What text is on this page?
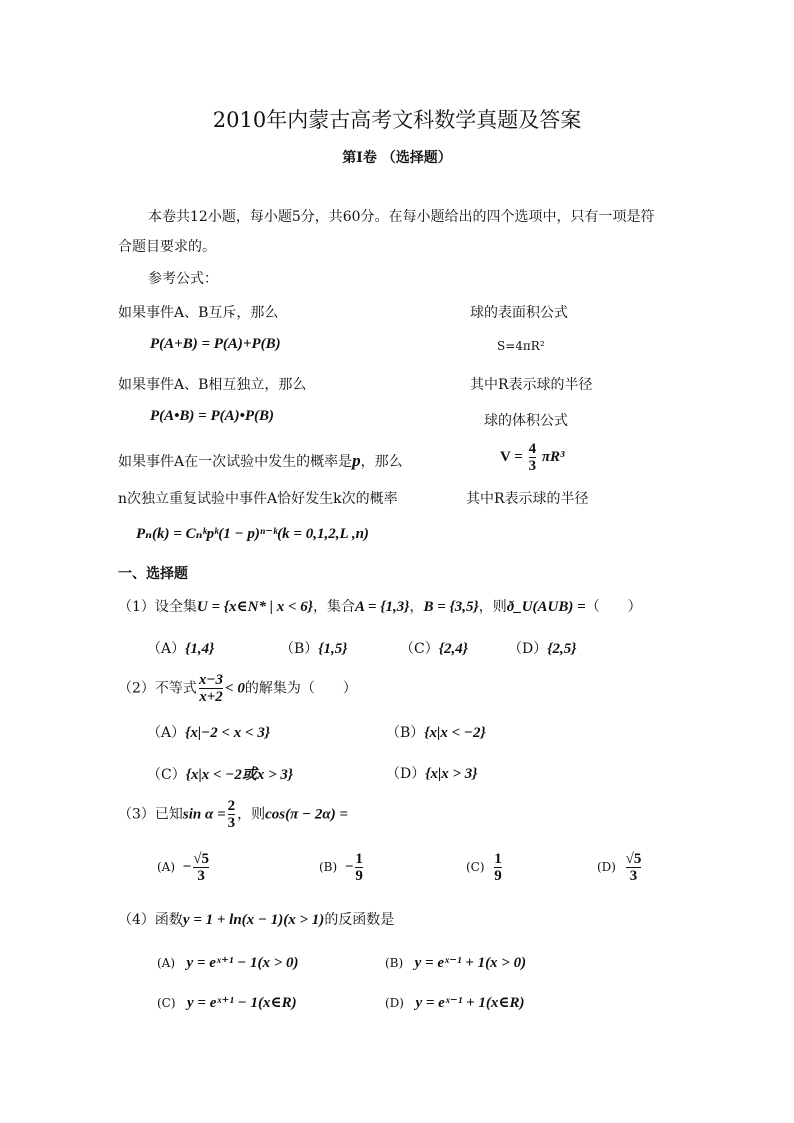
2010年内蒙古高考文科数学真题及答案
第Ⅰ卷 （选择题）
本卷共12小题，每小题5分，共60分。在每小题给出的四个选项中，只有一项是符
合题目要求的。
参考公式：
如果事件A、B互斥，那么
P(A+B) = P(A)+P(B)
如果事件A、B相互独立，那么
P(A•B) = P(A)•P(B)
如果事件A在一次试验中发生的概率是p，那么
n次独立重复试验中事件A恰好发生k次的概率
Pₙ(k) = Cₙᵏpᵏ(1 − p)ⁿ⁻ᵏ(k = 0,1,2,L ,n)
球的表面积公式
S=4πR²
其中R表示球的半径
球的体积公式
$V = \frac{4}{3} \pi R^3$
其中R表示球的半径
一、选择题
（1）设全集U = {x∈N* | x < 6}，集合A = {1,3}，B = {3,5}，则ð_U(AUB) =（　　）
（A）{1,4}	（B）{1,5}	（C）{2,4}	（D）{2,5}
（2）不等式 $\frac{x-3}{x+2} < 0$的解集为（　　）
（A）{x|−2 < x < 3}	（B）{x|x < −2}
（C）{x|x < −2或x > 3}	（D）{x|x > 3}
（3）已知$\sin \alpha = \frac{2}{3}$ ，则cos(π − 2α) =
$(A) - \frac{√5}{3}$	$(B) - \frac{1}{9}$	$(C) \frac{1}{9}$	$(D) \frac{√5}{3}$
（4）函数y = 1 + ln(x − 1)(x > 1)的反函数是
(A) y = eˣ⁺¹ − 1(x > 0)	(B) y = eˣ⁻¹ + 1(x > 0)
(C) y = eˣ⁺¹ − 1(x∈R)	(D) y = eˣ⁻¹ + 1(x∈R)
